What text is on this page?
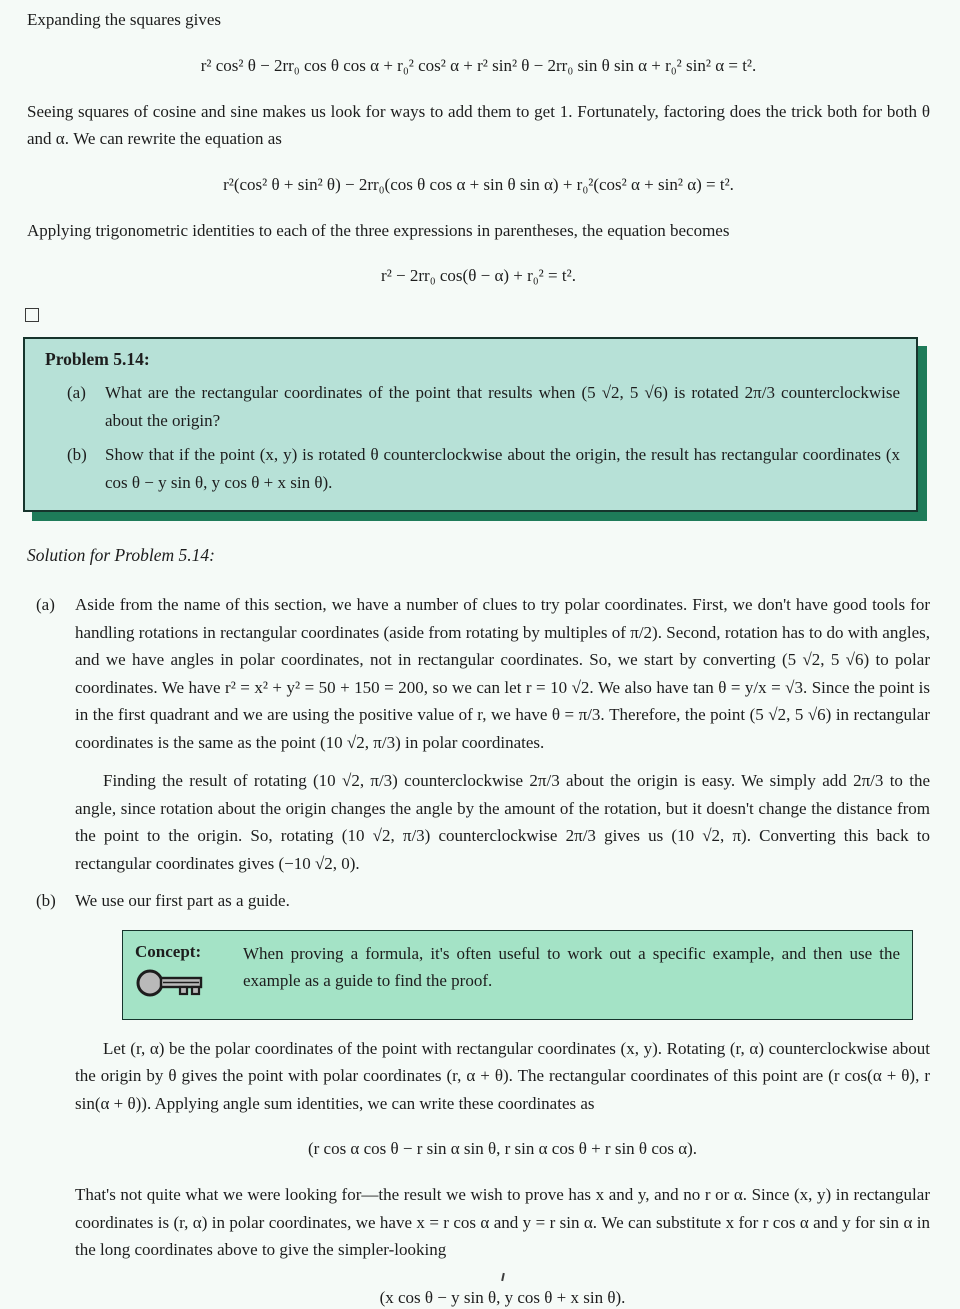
Expanding the squares gives

r² cos² θ − 2rr₀ cos θ cos α + r₀² cos² α + r² sin² θ − 2rr₀ sin θ sin α + r₀² sin² α = t².

Seeing squares of cosine and sine makes us look for ways to add them to get 1. Fortunately, factoring does the trick both for both θ and α. We can rewrite the equation as

r²(cos² θ + sin² θ) − 2rr₀(cos θ cos α + sin θ sin α) + r₀²(cos² α + sin² α) = t².

Applying trigonometric identities to each of the three expressions in parentheses, the equation becomes

r² − 2rr₀ cos(θ − α) + r₀² = t².
Problem 5.14:
(a)	What are the rectangular coordinates of the point that results when (5 √2, 5 √6) is rotated 2π/3 counterclockwise about the origin?
(b)	Show that if the point (x, y) is rotated θ counterclockwise about the origin, the result has rectangular coordinates (x cos θ − y sin θ, y cos θ + x sin θ).

Solution for Problem 5.14:

(a)	Aside from the name of this section, we have a number of clues to try polar coordinates. First, we don't have good tools for handling rotations in rectangular coordinates (aside from rotating by multiples of π/2). Second, rotation has to do with angles, and we have angles in polar coordinates, not in rectangular coordinates. So, we start by converting (5 √2, 5 √6) to polar coordinates. We have r² = x² + y² = 50 + 150 = 200, so we can let r = 10 √2. We also have tan θ = y/x = √3. Since the point is in the first quadrant and we are using the positive value of r, we have θ = π/3. Therefore, the point (5 √2, 5 √6) in rectangular coordinates is the same as the point (10 √2, π/3) in polar coordinates.

Finding the result of rotating (10 √2, π/3) counterclockwise 2π/3 about the origin is easy. We simply add 2π/3 to the angle, since rotation about the origin changes the angle by the amount of the rotation, but it doesn't change the distance from the point to the origin. So, rotating (10 √2, π/3) counterclockwise 2π/3 gives us (10 √2, π). Converting this back to rectangular coordinates gives (−10 √2, 0).

(b)	We use our first part as a guide.

Concept:	When proving a formula, it's often useful to work out a specific example, and then use the example as a guide to find the proof.

Let (r, α) be the polar coordinates of the point with rectangular coordinates (x, y). Rotating (r, α) counterclockwise about the origin by θ gives the point with polar coordinates (r, α + θ). The rectangular coordinates of this point are (r cos(α + θ), r sin(α + θ)). Applying angle sum identities, we can write these coordinates as

(r cos α cos θ − r sin α sin θ, r sin α cos θ + r sin θ cos α).

That's not quite what we were looking for—the result we wish to prove has x and y, and no r or α. Since (x, y) in rectangular coordinates is (r, α) in polar coordinates, we have x = r cos α and y = r sin α. We can substitute x for r cos α and y for sin α in the long coordinates above to give the simpler-looking

(x cos θ − y sin θ, y cos θ + x sin θ).
